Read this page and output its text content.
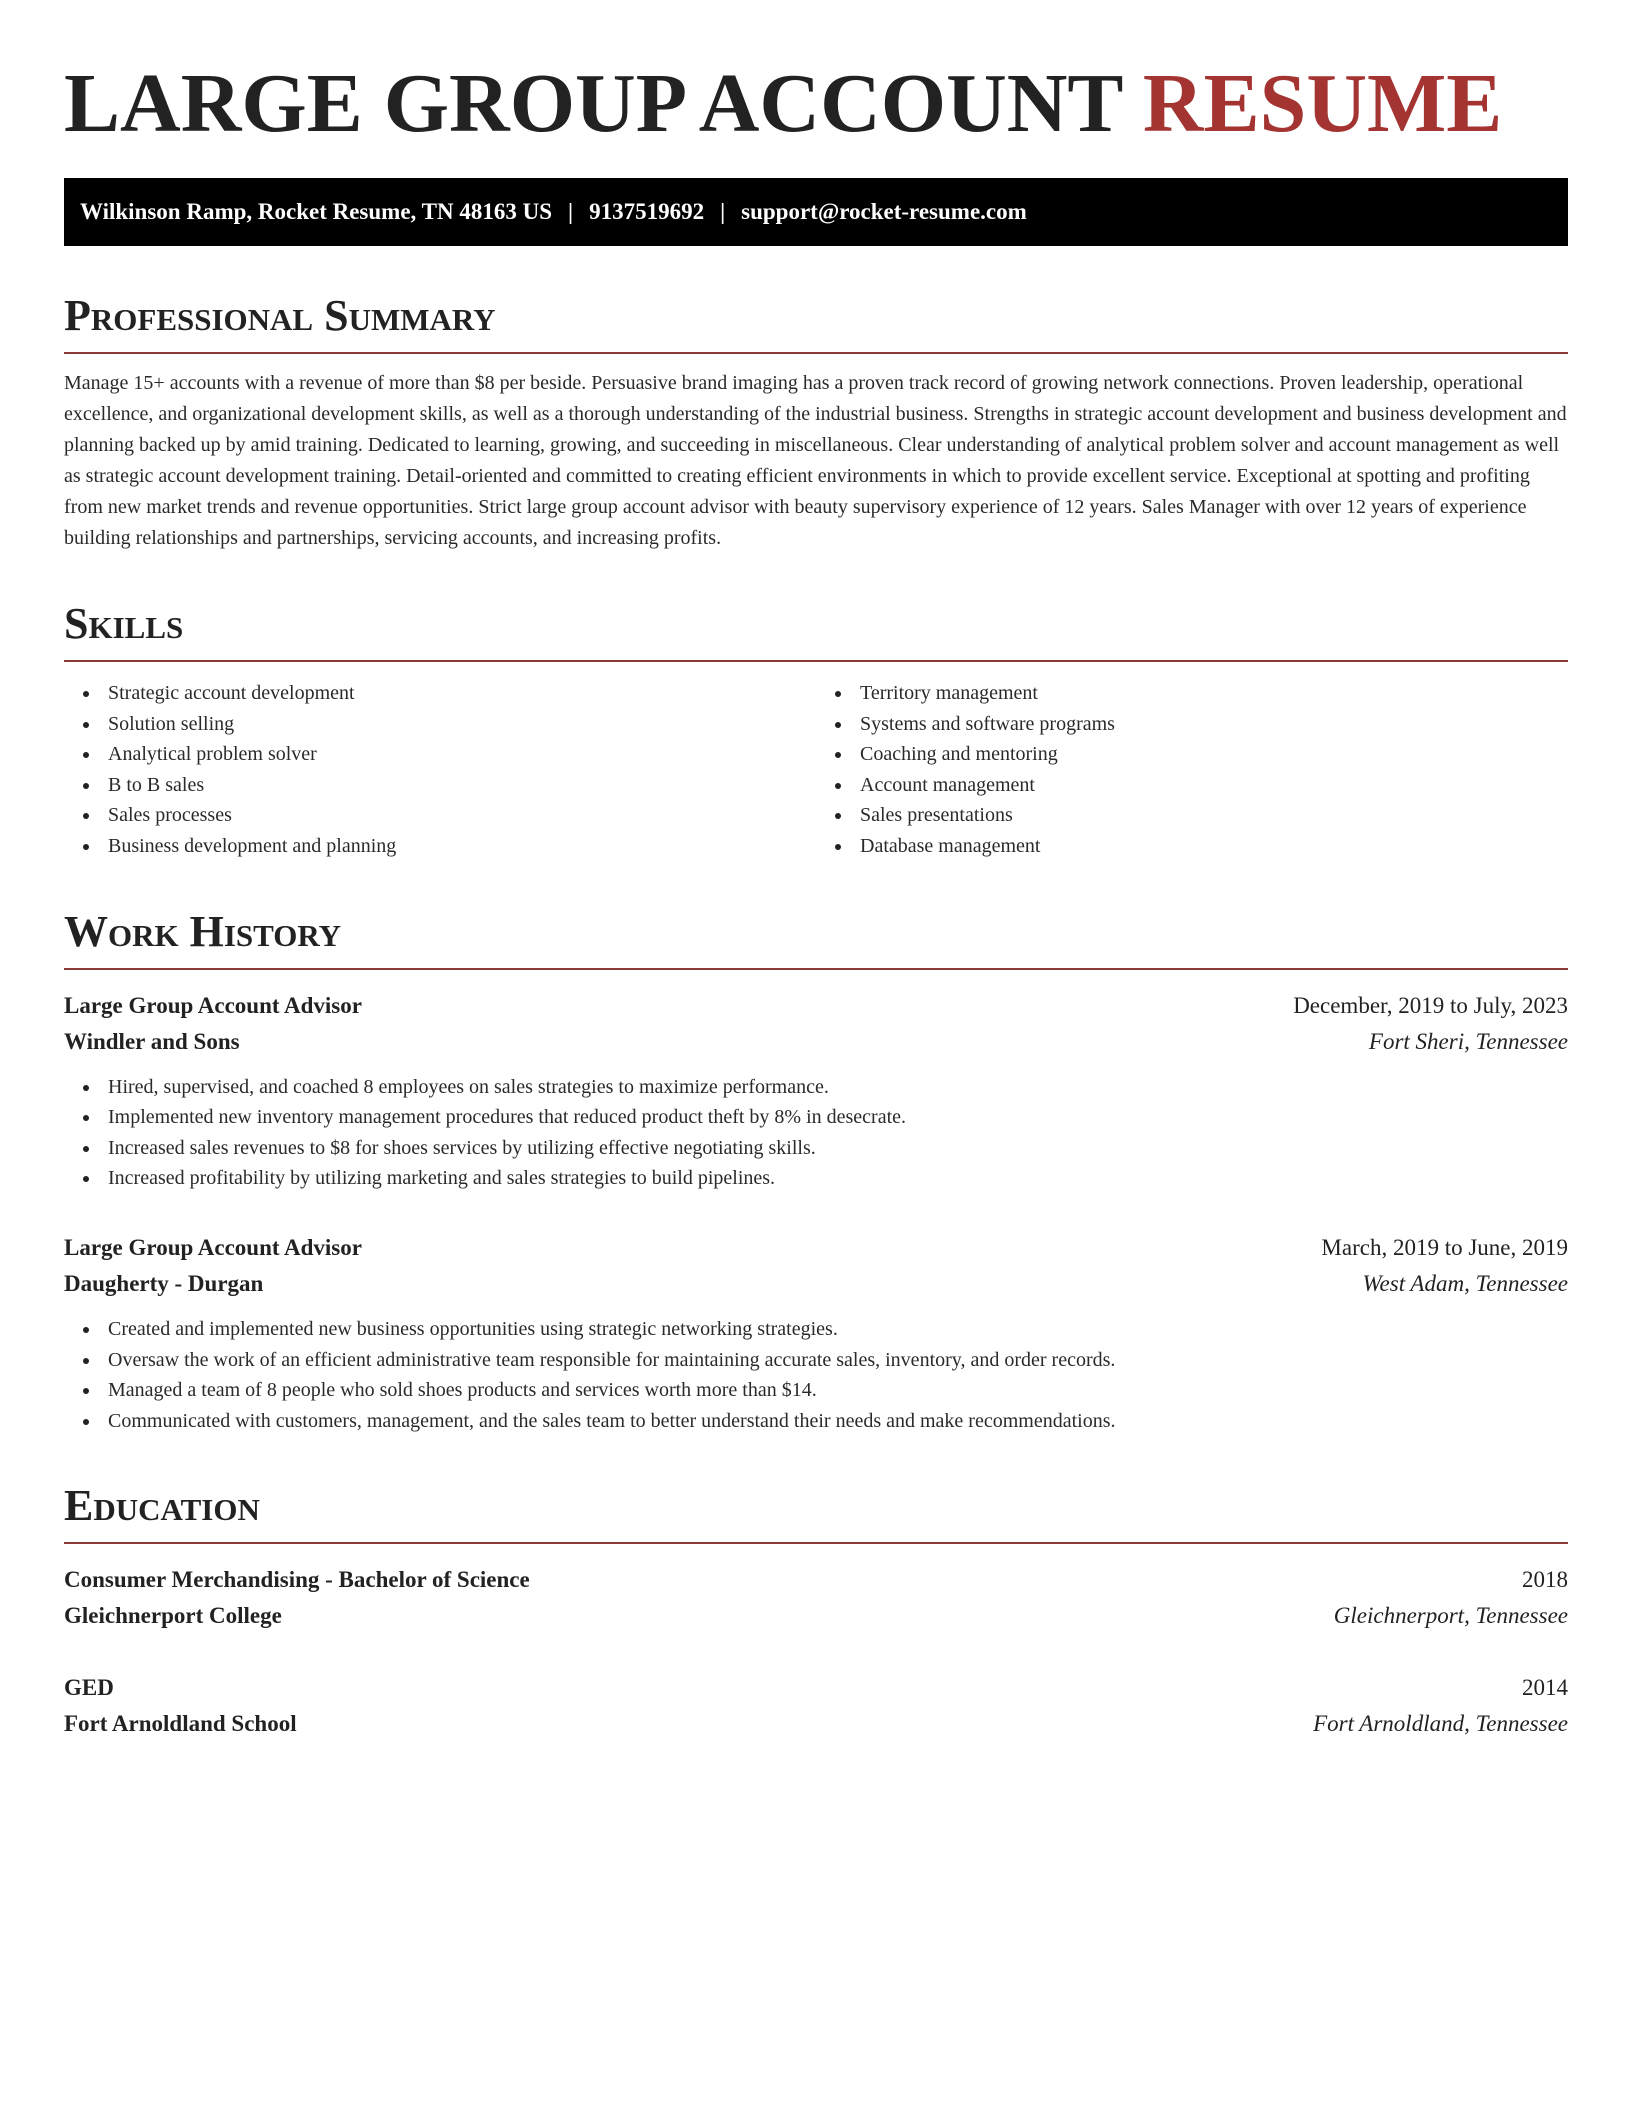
LARGE GROUP ACCOUNT RESUME
Wilkinson Ramp, Rocket Resume, TN 48163 US | 9137519692 | support@rocket-resume.com
Professional Summary

Manage 15+ accounts with a revenue of more than $8 per beside. Persuasive brand imaging has a proven track record of growing network connections. Proven leadership, operational excellence, and organizational development skills, as well as a thorough understanding of the industrial business. Strengths in strategic account development and business development and planning backed up by amid training. Dedicated to learning, growing, and succeeding in miscellaneous. Clear understanding of analytical problem solver and account management as well as strategic account development training. Detail-oriented and committed to creating efficient environments in which to provide excellent service. Exceptional at spotting and profiting from new market trends and revenue opportunities. Strict large group account advisor with beauty supervisory experience of 12 years. Sales Manager with over 12 years of experience building relationships and partnerships, servicing accounts, and increasing profits.

Skills
Strategic account development
Solution selling
Analytical problem solver
B to B sales
Sales processes
Business development and planning
Territory management
Systems and software programs
Coaching and mentoring
Account management
Sales presentations
Database management
Work History
Large Group Account Advisor	December, 2019 to July, 2023
Windler and Sons	Fort Sheri, Tennessee
Hired, supervised, and coached 8 employees on sales strategies to maximize performance.
Implemented new inventory management procedures that reduced product theft by 8% in desecrate.
Increased sales revenues to $8 for shoes services by utilizing effective negotiating skills.
Increased profitability by utilizing marketing and sales strategies to build pipelines.
Large Group Account Advisor	March, 2019 to June, 2019
Daugherty - Durgan	West Adam, Tennessee
Created and implemented new business opportunities using strategic networking strategies.
Oversaw the work of an efficient administrative team responsible for maintaining accurate sales, inventory, and order records.
Managed a team of 8 people who sold shoes products and services worth more than $14.
Communicated with customers, management, and the sales team to better understand their needs and make recommendations.
Education
Consumer Merchandising - Bachelor of Science	2018
Gleichnerport College	Gleichnerport, Tennessee
GED	2014
Fort Arnoldland School	Fort Arnoldland, Tennessee
